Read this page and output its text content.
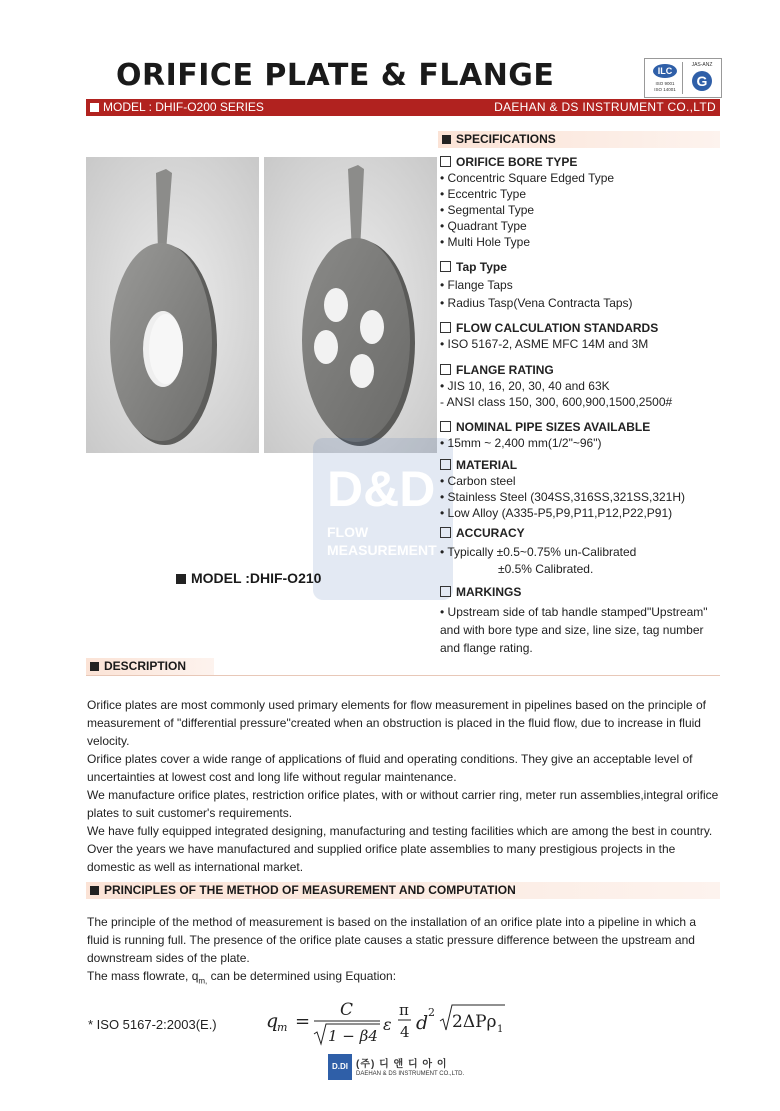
ORIFICE PLATE & FLANGE	ILC
ISO 9001
ISO 14001
JAS-ANZ
G
MODEL : DHIF-O200 SERIES	DAEHAN & DS INSTRUMENT CO.,LTD
D&D
FLOW
MEASUREMENT
MODEL :DHIF-O210
SPECIFICATIONS
ORIFICE BORE TYPE
• Concentric Square Edged Type
• Eccentric Type
• Segmental Type
• Quadrant Type
• Multi Hole Type
Tap Type
• Flange Taps
• Radius Tasp(Vena Contracta Taps)
FLOW CALCULATION STANDARDS
• ISO 5167-2, ASME MFC 14M and 3M
FLANGE RATING
• JIS 10, 16, 20, 30, 40 and 63K
- ANSI class 150, 300, 600,900,1500,2500#
NOMINAL PIPE SIZES AVAILABLE
• 15mm ~ 2,400 mm(1/2"~96")
MATERIAL
• Carbon steel
• Stainless Steel (304SS,316SS,321SS,321H)
• Low Alloy (A335-P5,P9,P11,P12,P22,P91)
ACCURACY
• Typically ±0.5~0.75% un-Calibrated
±0.5% Calibrated.
MARKINGS
• Upstream side of tab handle stamped"Upstream"
and with bore type and size, line size, tag number
and flange rating.
DESCRIPTION
Orifice plates are most commonly used primary elements for flow measurement in pipelines based on the principle of measurement of "differential pressure"created when an obstruction is placed in the fluid flow, due to increase in fluid velocity.
Orifice plates cover a wide range of applications of fluid and operating conditions. They give an acceptable level of uncertainties at lowest cost and long life without regular maintenance.
We manufacture orifice plates, restriction orifice plates, with or without carrier ring, meter run assemblies,integral orifice plates to suit customer's requirements.
We have fully equipped integrated designing, manufacturing and testing facilities which are among the best in country. Over the years we have manufactured and supplied orifice plate assemblies to many prestigious projects in the domestic as well as international market.
PRINCIPLES OF THE METHOD OF MEASUREMENT AND COMPUTATION
The principle of the method of measurement is based on the installation of an orifice plate into a pipeline in which a fluid is running full. The presence of the orifice plate causes a static pressure difference between the upstream and downstream sides of the plate.
The mass flowrate, $q_{m,}$ can be determined using Equation:
* ISO 5167-2:2003(E.)	q
m =
C
1 − β4
ε
π
4 d 2 2ΔPρ 1
D.DI (주) 디 앤 디 아 이
DAEHAN & DS INSTRUMENT CO.,LTD.
